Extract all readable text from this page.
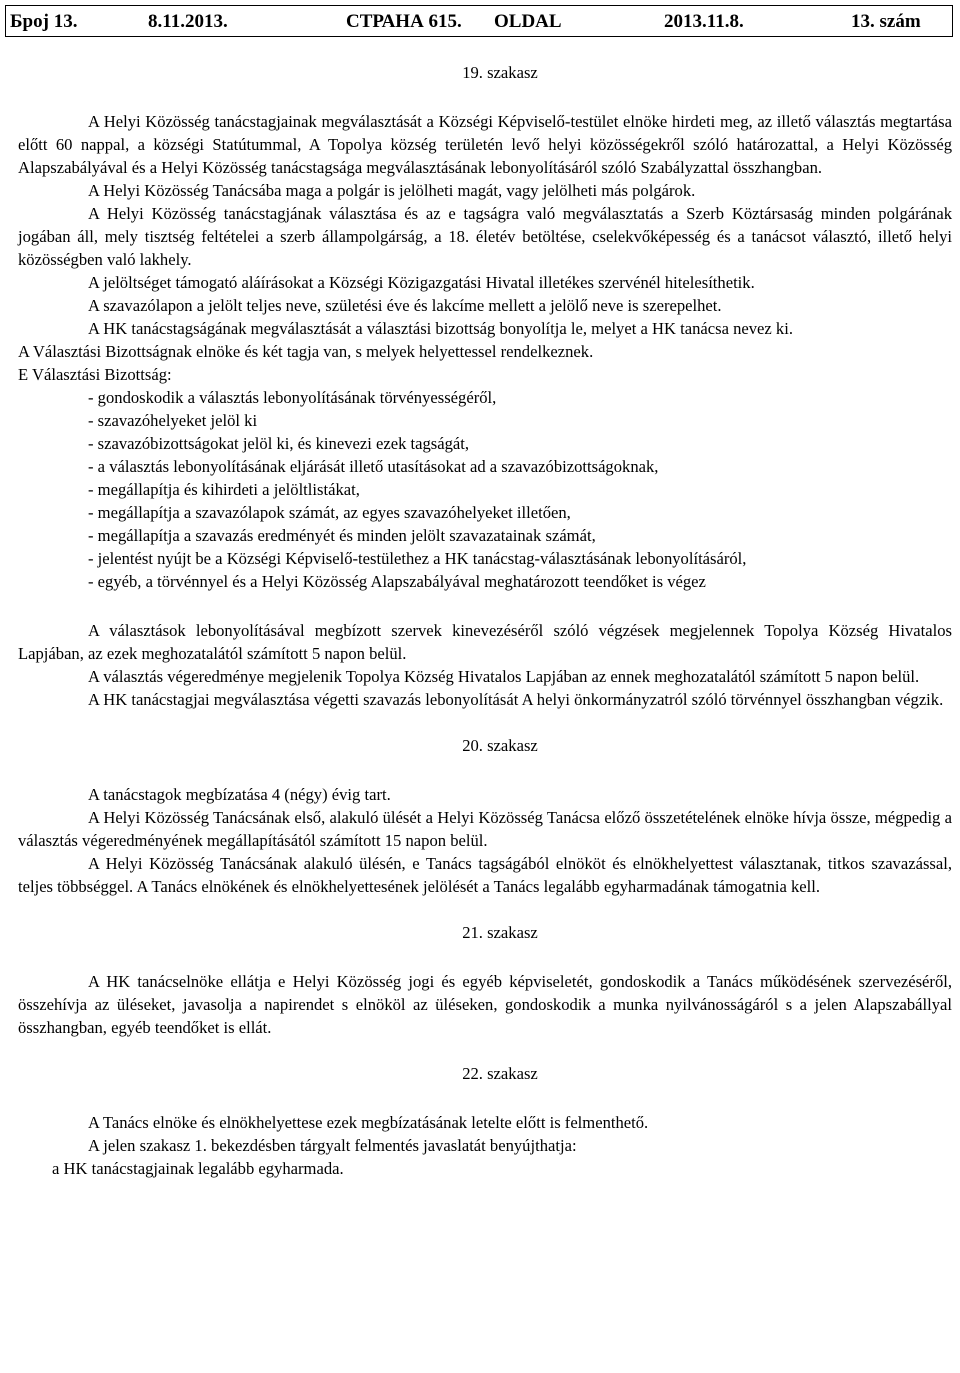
Број 13.	8.11.2013.	СТРАНА 615. OLDAL	2013.11.8.	13. szám

19. szakasz

A Helyi Közösség tanácstagjainak megválasztását a Községi Képviselő-testület elnöke hirdeti meg, az illető választás megtartása előtt 60 nappal, a községi Statútummal, A Topolya község területén levő helyi közösségekről szóló határozattal, a Helyi Közösség Alapszabályával és a Helyi Közösség tanácstagsága megválasztásának lebonyolításáról szóló Szabályzattal összhangban.

A Helyi Közösség Tanácsába maga a polgár is jelölheti magát, vagy jelölheti más polgárok.

A Helyi Közösség tanácstagjának választása és az e tagságra való megválasztatás a Szerb Köztársaság minden polgárának jogában áll, mely tisztség feltételei a szerb állampolgárság, a 18. életév betöltése, cselekvőképesség és a tanácsot választó, illető helyi közösségben való lakhely.

A jelöltséget támogató aláírásokat a Községi Közigazgatási Hivatal illetékes szervénél hitelesíthetik.

A szavazólapon a jelölt teljes neve, születési éve és lakcíme mellett a jelölő neve is szerepelhet.

A HK tanácstagságának megválasztását a választási bizottság bonyolítja le, melyet a HK tanácsa nevez ki.

A Választási Bizottságnak elnöke és két tagja van, s melyek helyettessel rendelkeznek.

E Választási Bizottság:

- gondoskodik a választás lebonyolításának törvényességéről,
- szavazóhelyeket jelöl ki
- szavazóbizottságokat jelöl ki, és kinevezi ezek tagságát,
- a választás lebonyolításának eljárását illető utasításokat ad a szavazóbizottságoknak,
- megállapítja és kihirdeti a jelöltlistákat,
- megállapítja a szavazólapok számát, az egyes szavazóhelyeket illetően,
- megállapítja a szavazás eredményét és minden jelölt szavazatainak számát,
- jelentést nyújt be a Községi Képviselő-testülethez a HK tanácstag-választásának lebonyolításáról,
- egyéb, a törvénnyel és a Helyi Közösség Alapszabályával meghatározott teendőket is végez

A választások lebonyolításával megbízott szervek kinevezéséről szóló végzések megjelennek Topolya Község Hivatalos Lapjában, az ezek meghozatalától számított 5 napon belül.

A választás végeredménye megjelenik Topolya Község Hivatalos Lapjában az ennek meghozatalától számított 5 napon belül.

A HK tanácstagjai megválasztása végetti szavazás lebonyolítását A helyi önkormányzatról szóló törvénnyel összhangban végzik.

20. szakasz

A tanácstagok megbízatása 4 (négy) évig tart.

A Helyi Közösség Tanácsának első, alakuló ülését a Helyi Közösség Tanácsa előző összetételének elnöke hívja össze, mégpedig a választás végeredményének megállapításától számított 15 napon belül.

A Helyi Közösség Tanácsának alakuló ülésén, e Tanács tagságából elnököt és elnökhelyettest választanak, titkos szavazással, teljes többséggel. A Tanács elnökének és elnökhelyettesének jelölését a Tanács legalább egyharmadának támogatnia kell.

21. szakasz

A HK tanácselnöke ellátja e Helyi Közösség jogi és egyéb képviseletét, gondoskodik a Tanács működésének szervezéséről, összehívja az üléseket, javasolja a napirendet s elnököl az üléseken, gondoskodik a munka nyilvánosságáról s a jelen Alapszabállyal összhangban, egyéb teendőket is ellát.

22. szakasz

A Tanács elnöke és elnökhelyettese ezek megbízatásának letelte előtt is felmenthető.

A jelen szakasz 1. bekezdésben tárgyalt felmentés javaslatát benyújthatja:

a HK tanácstagjainak legalább egyharmada.
